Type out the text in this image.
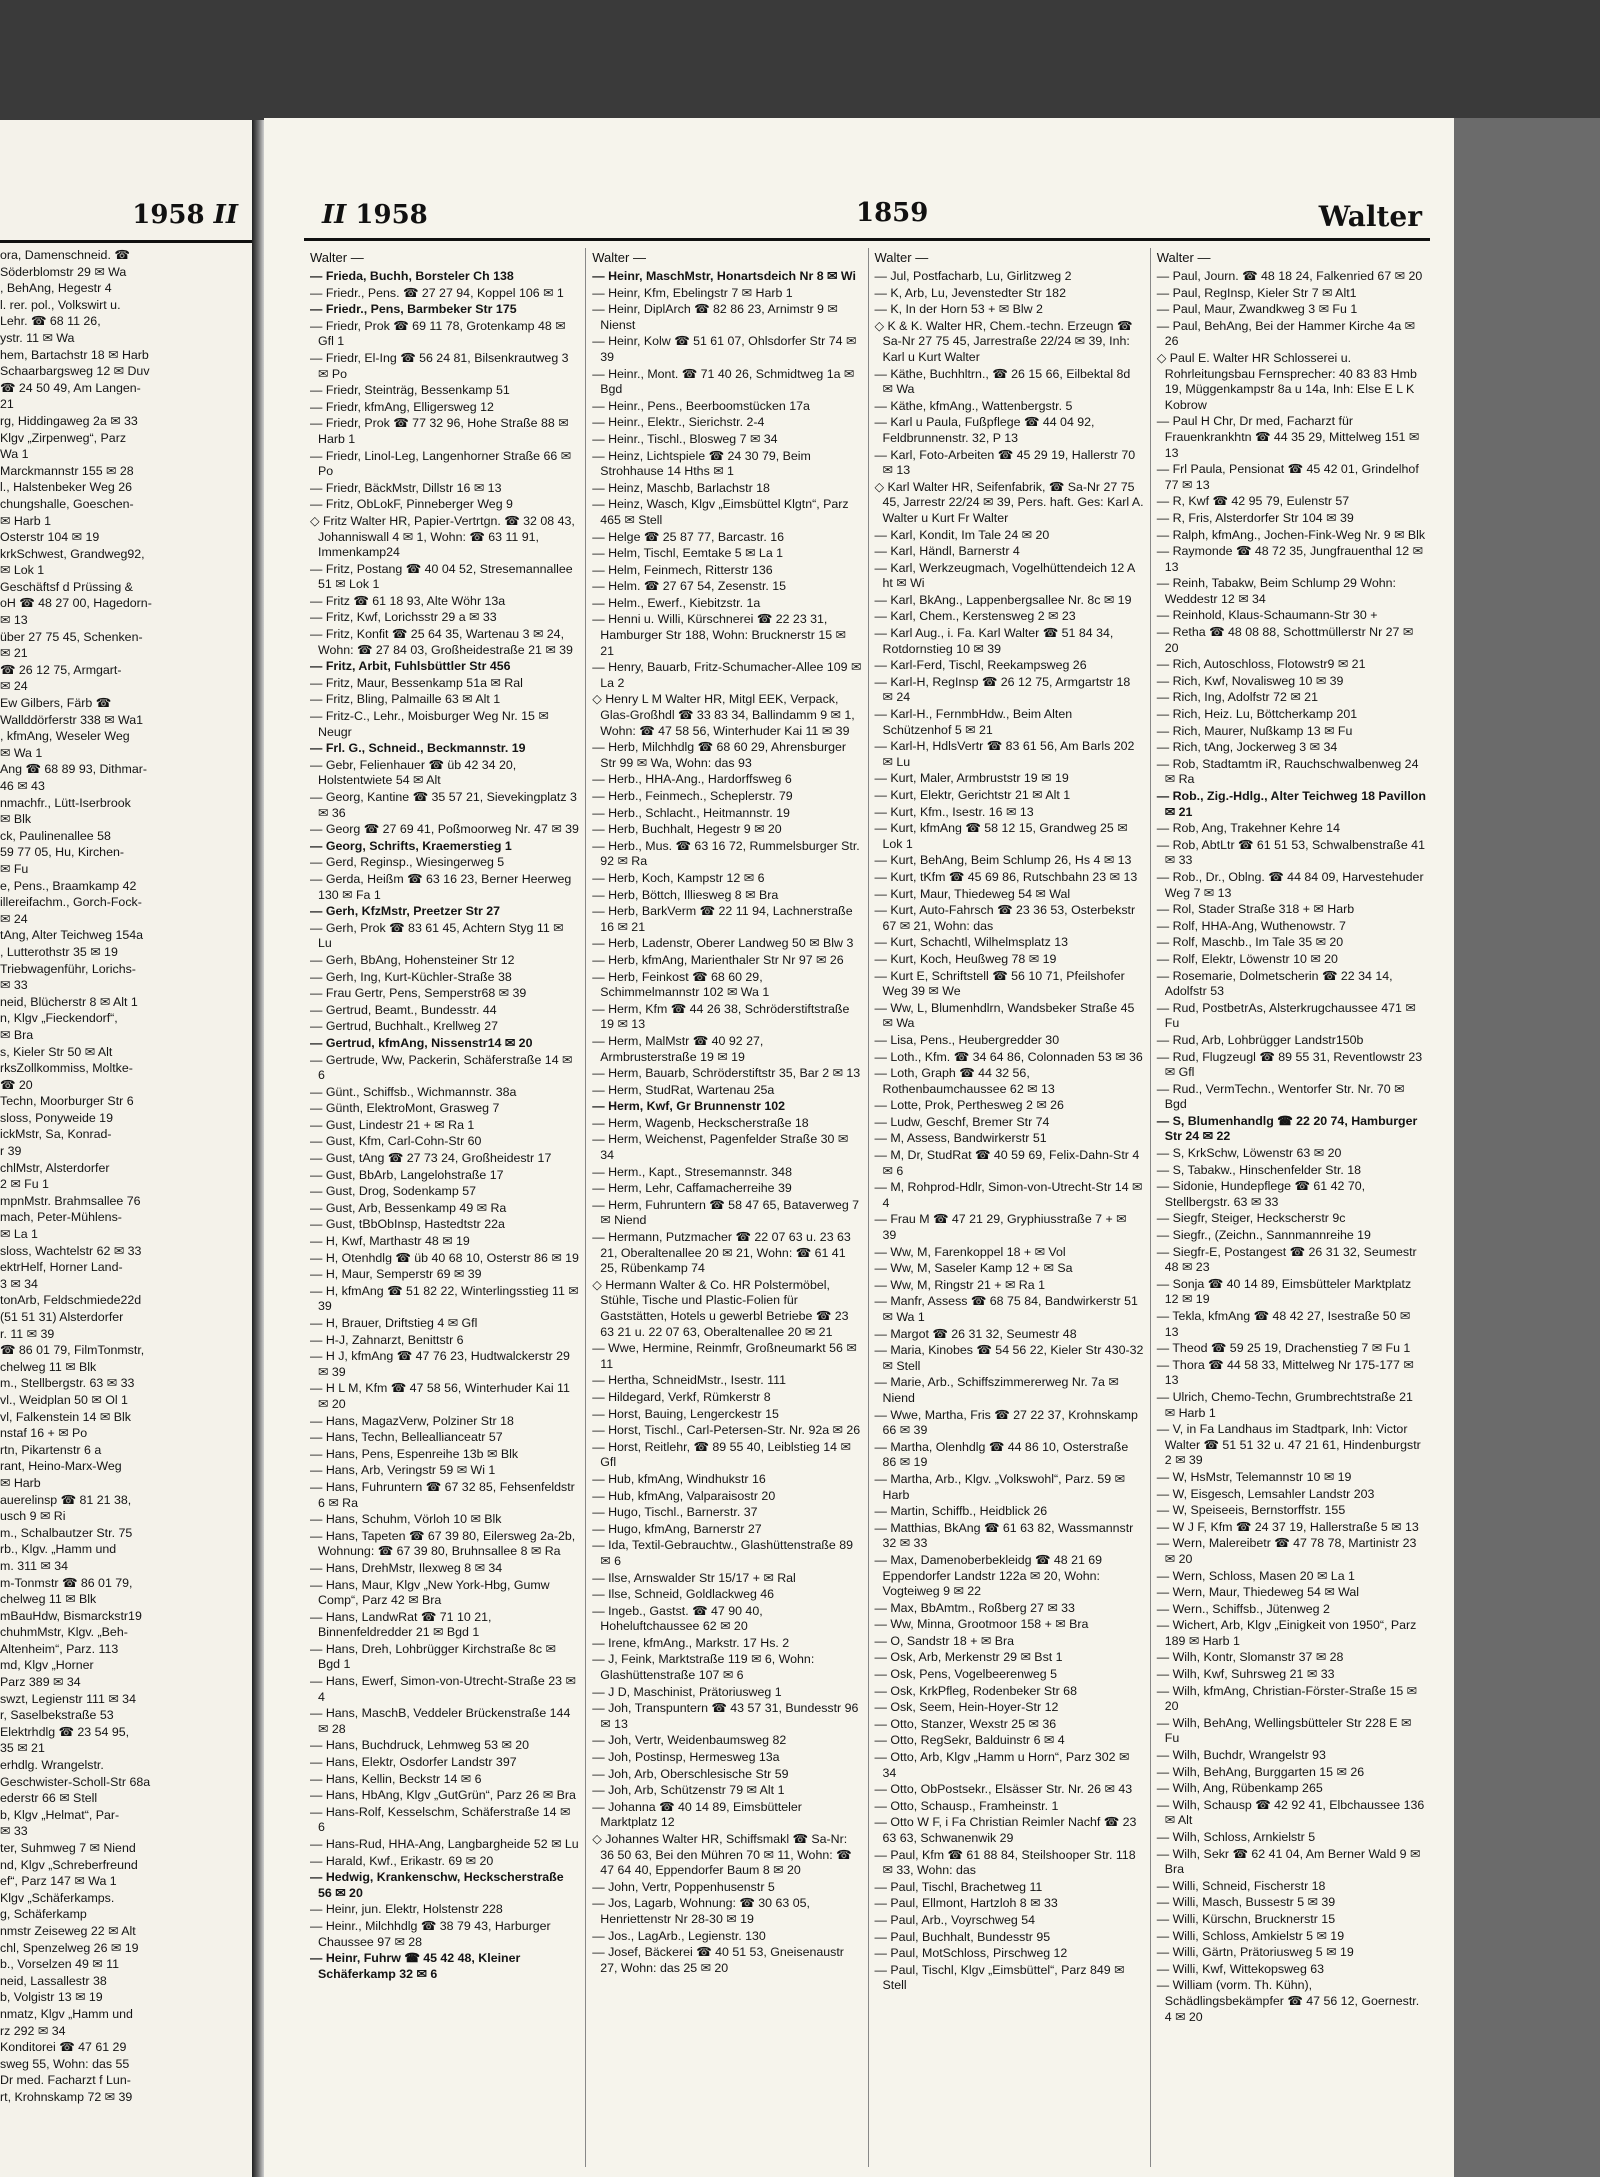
1958 II
ora, Damenschneid. ☎
Söderblomstr 29 ✉ Wa
, BehAng, Hegestr 4
l. rer. pol., Volkswirt u.
Lehr. ☎ 68 11 26,
ystr. 11 ✉ Wa
hem, Bartachstr 18 ✉ Harb
Schaarbargsweg 12 ✉ Duv
☎ 24 50 49, Am Langen-
21
rg, Hiddingaweg 2a ✉ 33
Klgv „Zirpenweg“, Parz
Wa 1
Marckmannstr 155 ✉ 28
l., Halstenbeker Weg 26
chungshalle, Goeschen-
✉ Harb 1
Osterstr 104 ✉ 19
krkSchwest, Grandweg92,
✉ Lok 1
Geschäftsf d Prüssing &
oH ☎ 48 27 00, Hagedorn-
✉ 13
über 27 75 45, Schenken-
✉ 21
☎ 26 12 75, Armgart-
✉ 24
Ew Gilbers, Färb ☎
Wallddörferstr 338 ✉ Wa1
, kfmAng, Weseler Weg
✉ Wa 1
Ang ☎ 68 89 93, Dithmar-
46 ✉ 43
nmachfr., Lütt-Iserbrook
✉ Blk
ck, Paulinenallee 58
59 77 05, Hu, Kirchen-
✉ Fu
e, Pens., Braamkamp 42
illereifachm., Gorch-Fock-
✉ 24
tAng, Alter Teichweg 154a
, Lutterothstr 35 ✉ 19
Triebwagenführ, Lorichs-
✉ 33
neid, Blücherstr 8 ✉ Alt 1
n, Klgv „Fieckendorf“,
✉ Bra
s, Kieler Str 50 ✉ Alt
rksZollkommiss, Moltke-
☎ 20
Techn, Moorburger Str 6
sloss, Ponyweide 19
ickMstr, Sa, Konrad-
r 39
chlMstr, Alsterdorfer
2 ✉ Fu 1
mpnMstr. Brahmsallee 76
mach, Peter-Mühlens-
✉ La 1
sloss, Wachtelstr 62 ✉ 33
ektrHelf, Horner Land-
3 ✉ 34
tonArb, Feldschmiede22d
(51 51 31) Alsterdorfer
r. 11 ✉ 39
☎ 86 01 79, FilmTonmstr,
chelweg 11 ✉ Blk
m., Stellbergstr. 63 ✉ 33
vl., Weidplan 50 ✉ Ol 1
vl, Falkenstein 14 ✉ Blk
nstaf 16 + ✉ Po
rtn, Pikartenstr 6 a
rant, Heino-Marx-Weg
✉ Harb
auerelinsp ☎ 81 21 38,
usch 9 ✉ Ri
m., Schalbautzer Str. 75
rb., Klgv. „Hamm und
m. 311 ✉ 34
m-Tonmstr ☎ 86 01 79,
chelweg 11 ✉ Blk
mBauHdw, Bismarckstr19
chuhmMstr, Klgv. „Beh-
Altenheim“, Parz. 113
md, Klgv „Horner
Parz 389 ✉ 34
swzt, Legienstr 111 ✉ 34
r, Saselbekstraße 53
Elektrhdlg ☎ 23 54 95,
35 ✉ 21
erhdlg. Wrangelstr.
Geschwister-Scholl-Str 68a
ederstr 66 ✉ Stell
b, Klgv „Helmat“, Par-
✉ 33
ter, Suhmweg 7 ✉ Niend
nd, Klgv „Schreberfreund
ef“, Parz 147 ✉ Wa 1
Klgv „Schäferkamps.
g, Schäferkamp
nmstr Zeiseweg 22 ✉ Alt
chl, Spenzelweg 26 ✉ 19
b., Vorselzen 49 ✉ 11
neid, Lassallestr 38
b, Volgistr 13 ✉ 19
nmatz, Klgv „Hamm und
rz 292 ✉ 34
Konditorei ☎ 47 61 29
sweg 55, Wohn: das 55
Dr med. Facharzt f Lun-
rt, Krohnskamp 72 ✉ 39
II 1958	1859	Walter
Walter —
— Frieda, Buchh, Borsteler Ch 138
— Friedr., Pens. ☎ 27 27 94, Koppel 106 ✉ 1
— Friedr., Pens, Barmbeker Str 175
— Friedr, Prok ☎ 69 11 78, Grotenkamp 48 ✉ Gfl 1
— Friedr, El-Ing ☎ 56 24 81, Bilsenkrautweg 3 ✉ Po
— Friedr, Steinträg, Bessenkamp 51
— Friedr, kfmAng, Elligersweg 12
— Friedr, Prok ☎ 77 32 96, Hohe Straße 88 ✉ Harb 1
— Friedr, Linol-Leg, Langenhorner Straße 66 ✉ Po
— Friedr, BäckMstr, Dillstr 16 ✉ 13
— Fritz, ObLokF, Pinneberger Weg 9
◇ Fritz Walter HR, Papier-Vertrtgn. ☎ 32 08 43, Johanniswall 4 ✉ 1, Wohn: ☎ 63 11 91, Immenkamp24
— Fritz, Postang ☎ 40 04 52, Stresemannallee 51 ✉ Lok 1
— Fritz ☎ 61 18 93, Alte Wöhr 13a
— Fritz, Kwf, Lorichsstr 29 a ✉ 33
— Fritz, Konfit ☎ 25 64 35, Wartenau 3 ✉ 24, Wohn: ☎ 27 84 03, Großheidestraße 21 ✉ 39
— Fritz, Arbit, Fuhlsbüttler Str 456
— Fritz, Maur, Bessenkamp 51a ✉ Ral
— Fritz, Bling, Palmaille 63 ✉ Alt 1
— Fritz-C., Lehr., Moisburger Weg Nr. 15 ✉ Neugr
— Frl. G., Schneid., Beckmannstr. 19
— Gebr, Felienhauer ☎ üb 42 34 20, Holstentwiete 54 ✉ Alt
— Georg, Kantine ☎ 35 57 21, Sievekingplatz 3 ✉ 36
— Georg ☎ 27 69 41, Poßmoorweg Nr. 47 ✉ 39
— Georg, Schrifts, Kraemerstieg 1
— Gerd, Reginsp., Wiesingerweg 5
— Gerda, Heißm ☎ 63 16 23, Berner Heerweg 130 ✉ Fa 1
— Gerh, KfzMstr, Preetzer Str 27
— Gerh, Prok ☎ 83 61 45, Achtern Styg 11 ✉ Lu
— Gerh, BbAng, Hohensteiner Str 12
— Gerh, Ing, Kurt-Küchler-Straße 38
— Frau Gertr, Pens, Semperstr68 ✉ 39
— Gertrud, Beamt., Bundesstr. 44
— Gertrud, Buchhalt., Krellweg 27
— Gertrud, kfmAng, Nissenstr14 ✉ 20
— Gertrude, Ww, Packerin, Schäferstraße 14 ✉ 6
— Günt., Schiffsb., Wichmannstr. 38a
— Günth, ElektroMont, Grasweg 7
— Gust, Lindestr 21 + ✉ Ra 1
— Gust, Kfm, Carl-Cohn-Str 60
— Gust, tAng ☎ 27 73 24, Großheidestr 17
— Gust, BbArb, Langelohstraße 17
— Gust, Drog, Sodenkamp 57
— Gust, Arb, Bessenkamp 49 ✉ Ra
— Gust, tBbObInsp, Hastedtstr 22a
— H, Kwf, Marthastr 48 ✉ 19
— H, Otenhdlg ☎ üb 40 68 10, Osterstr 86 ✉ 19
— H, Maur, Semperstr 69 ✉ 39
— H, kfmAng ☎ 51 82 22, Winterlingsstieg 11 ✉ 39
— H, Brauer, Driftstieg 4 ✉ Gfl
— H-J, Zahnarzt, Benittstr 6
— H J, kfmAng ☎ 47 76 23, Hudtwalckerstr 29 ✉ 39
— H L M, Kfm ☎ 47 58 56, Winterhuder Kai 11 ✉ 20
— Hans, MagazVerw, Polziner Str 18
— Hans, Techn, Belleallianceatr 57
— Hans, Pens, Espenreihe 13b ✉ Blk
— Hans, Arb, Veringstr 59 ✉ Wi 1
— Hans, Fuhruntern ☎ 67 32 85, Fehsenfeldstr 6 ✉ Ra
— Hans, Schuhm, Vörloh 10 ✉ Blk
— Hans, Tapeten ☎ 67 39 80, Eilersweg 2a-2b, Wohnung: ☎ 67 39 80, Bruhnsallee 8 ✉ Ra
— Hans, DrehMstr, Ilexweg 8 ✉ 34
— Hans, Maur, Klgv „New York-Hbg, Gumw Comp“, Parz 42 ✉ Bra
— Hans, LandwRat ☎ 71 10 21, Binnenfeldredder 21 ✉ Bgd 1
— Hans, Dreh, Lohbrügger Kirchstraße 8c ✉ Bgd 1
— Hans, Ewerf, Simon-von-Utrecht-Straße 23 ✉ 4
— Hans, MaschB, Veddeler Brückenstraße 144 ✉ 28
— Hans, Buchdruck, Lehmweg 53 ✉ 20
— Hans, Elektr, Osdorfer Landstr 397
— Hans, Kellin, Beckstr 14 ✉ 6
— Hans, HbAng, Klgv „GutGrün“, Parz 26 ✉ Bra
— Hans-Rolf, Kesselschm, Schäferstraße 14 ✉ 6
— Hans-Rud, HHA-Ang, Langbargheide 52 ✉ Lu
— Harald, Kwf., Erikastr. 69 ✉ 20
— Hedwig, Krankenschw, Heckscherstraße 56 ✉ 20
— Heinr, jun. Elektr, Holstenstr 228
— Heinr., Milchhdlg ☎ 38 79 43, Harburger Chaussee 97 ✉ 28
— Heinr, Fuhrw ☎ 45 42 48, Kleiner Schäferkamp 32 ✉ 6
Walter —
— Heinr, MaschMstr, Honartsdeich Nr 8 ✉ Wi
— Heinr, Kfm, Ebelingstr 7 ✉ Harb 1
— Heinr, DiplArch ☎ 82 86 23, Arnimstr 9 ✉ Nienst
— Heinr, Kolw ☎ 51 61 07, Ohlsdorfer Str 74 ✉ 39
— Heinr., Mont. ☎ 71 40 26, Schmidtweg 1a ✉ Bgd
— Heinr., Pens., Beerboomstücken 17a
— Heinr., Elektr., Sierichstr. 2-4
— Heinr., Tischl., Blosweg 7 ✉ 34
— Heinz, Lichtspiele ☎ 24 30 79, Beim Strohhause 14 Hths ✉ 1
— Heinz, Maschb, Barlachstr 18
— Heinz, Wasch, Klgv „Eimsbüttel Klgtn“, Parz 465 ✉ Stell
— Helge ☎ 25 87 77, Barcastr. 16
— Helm, Tischl, Eemtake 5 ✉ La 1
— Helm, Feinmech, Ritterstr 136
— Helm. ☎ 27 67 54, Zesenstr. 15
— Helm., Ewerf., Kiebitzstr. 1a
— Henni u. Willi, Kürschnerei ☎ 22 23 31, Hamburger Str 188, Wohn: Brucknerstr 15 ✉ 21
— Henry, Bauarb, Fritz-Schumacher-Allee 109 ✉ La 2
◇ Henry L M Walter HR, Mitgl EEK, Verpack, Glas-Großhdl ☎ 33 83 34, Ballindamm 9 ✉ 1, Wohn: ☎ 47 58 56, Winterhuder Kai 11 ✉ 39
— Herb, Milchhdlg ☎ 68 60 29, Ahrensburger Str 99 ✉ Wa, Wohn: das 93
— Herb., HHA-Ang., Hardorffsweg 6
— Herb., Feinmech., Scheplerstr. 79
— Herb., Schlacht., Heitmannstr. 19
— Herb, Buchhalt, Hegestr 9 ✉ 20
— Herb., Mus. ☎ 63 16 72, Rummelsburger Str. 92 ✉ Ra
— Herb, Koch, Kampstr 12 ✉ 6
— Herb, Böttch, Illiesweg 8 ✉ Bra
— Herb, BarkVerm ☎ 22 11 94, Lachnerstraße 16 ✉ 21
— Herb, Ladenstr, Oberer Landweg 50 ✉ Blw 3
— Herb, kfmAng, Marienthaler Str Nr 97 ✉ 26
— Herb, Feinkost ☎ 68 60 29, Schimmelmannstr 102 ✉ Wa 1
— Herm, Kfm ☎ 44 26 38, Schröderstiftstraße 19 ✉ 13
— Herm, MalMstr ☎ 40 92 27, Armbrusterstraße 19 ✉ 19
— Herm, Bauarb, Schröderstiftstr 35, Bar 2 ✉ 13
— Herm, StudRat, Wartenau 25a
— Herm, Kwf, Gr Brunnenstr 102
— Herm, Wagenb, Heckscherstraße 18
— Herm, Weichenst, Pagenfelder Straße 30 ✉ 34
— Herm., Kapt., Stresemannstr. 348
— Herm, Lehr, Caffamacherreihe 39
— Herm, Fuhruntern ☎ 58 47 65, Bataverweg 7 ✉ Niend
— Hermann, Putzmacher ☎ 22 07 63 u. 23 63 21, Oberaltenallee 20 ✉ 21, Wohn: ☎ 61 41 25, Rübenkamp 74
◇ Hermann Walter & Co. HR Polstermöbel, Stühle, Tische und Plastic-Folien für Gaststätten, Hotels u gewerbl Betriebe ☎ 23 63 21 u. 22 07 63, Oberaltenallee 20 ✉ 21
— Wwe, Hermine, Reinmfr, Großneumarkt 56 ✉ 11
— Hertha, SchneidMstr., Isestr. 111
— Hildegard, Verkf, Rümkerstr 8
— Horst, Bauing, Lengerckestr 15
— Horst, Tischl., Carl-Petersen-Str. Nr. 92a ✉ 26
— Horst, Reitlehr, ☎ 89 55 40, Leiblstieg 14 ✉ Gfl
— Hub, kfmAng, Windhukstr 16
— Hub, kfmAng, Valparaisostr 20
— Hugo, Tischl., Barnerstr. 37
— Hugo, kfmAng, Barnerstr 27
— Ida, Textil-Gebrauchtw., Glashüttenstraße 89 ✉ 6
— Ilse, Arnswalder Str 15/17 + ✉ Ral
— Ilse, Schneid, Goldlackweg 46
— Ingeb., Gastst. ☎ 47 90 40, Hoheluftchaussee 62 ✉ 20
— Irene, kfmAng., Markstr. 17 Hs. 2
— J, Feink, Marktstraße 119 ✉ 6, Wohn: Glashüttenstraße 107 ✉ 6
— J D, Maschinist, Prätoriusweg 1
— Joh, Transpuntern ☎ 43 57 31, Bundesstr 96 ✉ 13
— Joh, Vertr, Weidenbaumsweg 82
— Joh, Postinsp, Hermesweg 13a
— Joh, Arb, Oberschlesische Str 59
— Joh, Arb, Schützenstr 79 ✉ Alt 1
— Johanna ☎ 40 14 89, Eimsbütteler Marktplatz 12
◇ Johannes Walter HR, Schiffsmakl ☎ Sa-Nr: 36 50 63, Bei den Mühren 70 ✉ 11, Wohn: ☎ 47 64 40, Eppendorfer Baum 8 ✉ 20
— John, Vertr, Poppenhusenstr 5
— Jos, Lagarb, Wohnung: ☎ 30 63 05, Henriettenstr Nr 28-30 ✉ 19
— Jos., LagArb., Legienstr. 130
— Josef, Bäckerei ☎ 40 51 53, Gneisenaustr 27, Wohn: das 25 ✉ 20
Walter —
— Jul, Postfacharb, Lu, Girlitzweg 2
— K, Arb, Lu, Jevenstedter Str 182
— K, In der Horn 53 + ✉ Blw 2
◇ K & K. Walter HR, Chem.-techn. Erzeugn ☎ Sa-Nr 27 75 45, Jarrestraße 22/24 ✉ 39, Inh: Karl u Kurt Walter
— Käthe, Buchhltrn., ☎ 26 15 66, Eilbektal 8d ✉ Wa
— Käthe, kfmAng., Wattenbergstr. 5
— Karl u Paula, Fußpflege ☎ 44 04 92, Feldbrunnenstr. 32, P 13
— Karl, Foto-Arbeiten ☎ 45 29 19, Hallerstr 70 ✉ 13
◇ Karl Walter HR, Seifenfabrik, ☎ Sa-Nr 27 75 45, Jarrestr 22/24 ✉ 39, Pers. haft. Ges: Karl A. Walter u Kurt Fr Walter
— Karl, Kondit, Im Tale 24 ✉ 20
— Karl, Händl, Barnerstr 4
— Karl, Werkzeugmach, Vogelhüttendeich 12 A ht ✉ Wi
— Karl, BkAng., Lappenbergsallee Nr. 8c ✉ 19
— Karl, Chem., Kerstensweg 2 ✉ 23
— Karl Aug., i. Fa. Karl Walter ☎ 51 84 34, Rotdornstieg 10 ✉ 39
— Karl-Ferd, Tischl, Reekampsweg 26
— Karl-H, RegInsp ☎ 26 12 75, Armgartstr 18 ✉ 24
— Karl-H., FernmbHdw., Beim Alten Schützenhof 5 ✉ 21
— Karl-H, HdlsVertr ☎ 83 61 56, Am Barls 202 ✉ Lu
— Kurt, Maler, Armbruststr 19 ✉ 19
— Kurt, Elektr, Gerichtstr 21 ✉ Alt 1
— Kurt, Kfm., Isestr. 16 ✉ 13
— Kurt, kfmAng ☎ 58 12 15, Grandweg 25 ✉ Lok 1
— Kurt, BehAng, Beim Schlump 26, Hs 4 ✉ 13
— Kurt, tKfm ☎ 45 69 86, Rutschbahn 23 ✉ 13
— Kurt, Maur, Thiedeweg 54 ✉ Wal
— Kurt, Auto-Fahrsch ☎ 23 36 53, Osterbekstr 67 ✉ 21, Wohn: das
— Kurt, Schachtl, Wilhelmsplatz 13
— Kurt, Koch, Heußweg 78 ✉ 19
— Kurt E, Schriftstell ☎ 56 10 71, Pfeilshofer Weg 39 ✉ We
— Ww, L, Blumenhdlrn, Wandsbeker Straße 45 ✉ Wa
— Lisa, Pens., Heubergredder 30
— Loth., Kfm. ☎ 34 64 86, Colonnaden 53 ✉ 36
— Loth, Graph ☎ 44 32 56, Rothenbaumchaussee 62 ✉ 13
— Lotte, Prok, Perthesweg 2 ✉ 26
— Ludw, Geschf, Bremer Str 74
— M, Assess, Bandwirkerstr 51
— M, Dr, StudRat ☎ 40 59 69, Felix-Dahn-Str 4 ✉ 6
— M, Rohprod-Hdlr, Simon-von-Utrecht-Str 14 ✉ 4
— Frau M ☎ 47 21 29, Gryphiusstraße 7 + ✉ 39
— Ww, M, Farenkoppel 18 + ✉ Vol
— Ww, M, Saseler Kamp 12 + ✉ Sa
— Ww, M, Ringstr 21 + ✉ Ra 1
— Manfr, Assess ☎ 68 75 84, Bandwirkerstr 51 ✉ Wa 1
— Margot ☎ 26 31 32, Seumestr 48
— Maria, Kinobes ☎ 54 56 22, Kieler Str 430-32 ✉ Stell
— Marie, Arb., Schiffszimmererweg Nr. 7a ✉ Niend
— Wwe, Martha, Fris ☎ 27 22 37, Krohnskamp 66 ✉ 39
— Martha, Olenhdlg ☎ 44 86 10, Osterstraße 86 ✉ 19
— Martha, Arb., Klgv. „Volkswohl“, Parz. 59 ✉ Harb
— Martin, Schiffb., Heidblick 26
— Matthias, BkAng ☎ 61 63 82, Wassmannstr 32 ✉ 33
— Max, Damenoberbekleidg ☎ 48 21 69 Eppendorfer Landstr 122a ✉ 20, Wohn: Vogteiweg 9 ✉ 22
— Max, BbAmtm., Roßberg 27 ✉ 33
— Ww, Minna, Grootmoor 158 + ✉ Bra
— O, Sandstr 18 + ✉ Bra
— Osk, Arb, Merkenstr 29 ✉ Bst 1
— Osk, Pens, Vogelbeerenweg 5
— Osk, KrkPfleg, Rodenbeker Str 68
— Osk, Seem, Hein-Hoyer-Str 12
— Otto, Stanzer, Wexstr 25 ✉ 36
— Otto, RegSekr, Balduinstr 6 ✉ 4
— Otto, Arb, Klgv „Hamm u Horn“, Parz 302 ✉ 34
— Otto, ObPostsekr., Elsässer Str. Nr. 26 ✉ 43
— Otto, Schausp., Framheinstr. 1
— Otto W F, i Fa Christian Reimler Nachf ☎ 23 63 63, Schwanenwik 29
— Paul, Kfm ☎ 61 88 84, Steilshooper Str. 118 ✉ 33, Wohn: das
— Paul, Tischl, Brachetweg 11
— Paul, Ellmont, Hartzloh 8 ✉ 33
— Paul, Arb., Voyrschweg 54
— Paul, Buchhalt, Bundesstr 95
— Paul, MotSchloss, Pirschweg 12
— Paul, Tischl, Klgv „Eimsbüttel“, Parz 849 ✉ Stell
Walter —
— Paul, Journ. ☎ 48 18 24, Falkenried 67 ✉ 20
— Paul, RegInsp, Kieler Str 7 ✉ Alt1
— Paul, Maur, Zwandkweg 3 ✉ Fu 1
— Paul, BehAng, Bei der Hammer Kirche 4a ✉ 26
◇ Paul E. Walter HR Schlosserei u. Rohrleitungsbau Fernsprecher: 40 83 83 Hmb 19, Müggenkampstr 8a u 14a, Inh: Else E L K Kobrow
— Paul H Chr, Dr med, Facharzt für Frauenkrankhtn ☎ 44 35 29, Mittelweg 151 ✉ 13
— Frl Paula, Pensionat ☎ 45 42 01, Grindelhof 77 ✉ 13
— R, Kwf ☎ 42 95 79, Eulenstr 57
— R, Fris, Alsterdorfer Str 104 ✉ 39
— Ralph, kfmAng., Jochen-Fink-Weg Nr. 9 ✉ Blk
— Raymonde ☎ 48 72 35, Jungfrauenthal 12 ✉ 13
— Reinh, Tabakw, Beim Schlump 29 Wohn: Weddestr 12 ✉ 34
— Reinhold, Klaus-Schaumann-Str 30 +
— Retha ☎ 48 08 88, Schottmüllerstr Nr 27 ✉ 20
— Rich, Autoschloss, Flotowstr9 ✉ 21
— Rich, Kwf, Novalisweg 10 ✉ 39
— Rich, Ing, Adolfstr 72 ✉ 21
— Rich, Heiz. Lu, Böttcherkamp 201
— Rich, Maurer, Nußkamp 13 ✉ Fu
— Rich, tAng, Jockerweg 3 ✉ 34
— Rob, Stadtamtm iR, Rauchschwalbenweg 24 ✉ Ra
— Rob., Zig.-Hdlg., Alter Teichweg 18 Pavillon ✉ 21
— Rob, Ang, Trakehner Kehre 14
— Rob, AbtLtr ☎ 61 51 53, Schwalbenstraße 41 ✉ 33
— Rob., Dr., Oblng. ☎ 44 84 09, Harvestehuder Weg 7 ✉ 13
— Rol, Stader Straße 318 + ✉ Harb
— Rolf, HHA-Ang, Wuthenowstr. 7
— Rolf, Maschb., Im Tale 35 ✉ 20
— Rolf, Elektr, Löwenstr 10 ✉ 20
— Rosemarie, Dolmetscherin ☎ 22 34 14, Adolfstr 53
— Rud, PostbetrAs, Alsterkrugchaussee 471 ✉ Fu
— Rud, Arb, Lohbrügger Landstr150b
— Rud, Flugzeugl ☎ 89 55 31, Reventlowstr 23 ✉ Gfl
— Rud., VermTechn., Wentorfer Str. Nr. 70 ✉ Bgd
— S, Blumenhandlg ☎ 22 20 74, Hamburger Str 24 ✉ 22
— S, KrkSchw, Löwenstr 63 ✉ 20
— S, Tabakw., Hinschenfelder Str. 18
— Sidonie, Hundepflege ☎ 61 42 70, Stellbergstr. 63 ✉ 33
— Siegfr, Steiger, Heckscherstr 9c
— Siegfr., (Zeichn., Sannmannreihe 19
— Siegfr-E, Postangest ☎ 26 31 32, Seumestr 48 ✉ 23
— Sonja ☎ 40 14 89, Eimsbütteler Marktplatz 12 ✉ 19
— Tekla, kfmAng ☎ 48 42 27, Isestraße 50 ✉ 13
— Theod ☎ 59 25 19, Drachenstieg 7 ✉ Fu 1
— Thora ☎ 44 58 33, Mittelweg Nr 175-177 ✉ 13
— Ulrich, Chemo-Techn, Grumbrechtstraße 21 ✉ Harb 1
— V, in Fa Landhaus im Stadtpark, Inh: Victor Walter ☎ 51 51 32 u. 47 21 61, Hindenburgstr 2 ✉ 39
— W, HsMstr, Telemannstr 10 ✉ 19
— W, Eisgesch, Lemsahler Landstr 203
— W, Speiseeis, Bernstorffstr. 155
— W J F, Kfm ☎ 24 37 19, Hallerstraße 5 ✉ 13
— Wern, Malereibetr ☎ 47 78 78, Martinistr 23 ✉ 20
— Wern, Schloss, Masen 20 ✉ La 1
— Wern, Maur, Thiedeweg 54 ✉ Wal
— Wern., Schiffsb., Jütenweg 2
— Wichert, Arb, Klgv „Einigkeit von 1950“, Parz 189 ✉ Harb 1
— Wilh, Kontr, Slomanstr 37 ✉ 28
— Wilh, Kwf, Suhrsweg 21 ✉ 33
— Wilh, kfmAng, Christian-Förster-Straße 15 ✉ 20
— Wilh, BehAng, Wellingsbütteler Str 228 E ✉ Fu
— Wilh, Buchdr, Wrangelstr 93
— Wilh, BehAng, Burggarten 15 ✉ 26
— Wilh, Ang, Rübenkamp 265
— Wilh, Schausp ☎ 42 92 41, Elbchaussee 136 ✉ Alt
— Wilh, Schloss, Arnkielstr 5
— Wilh, Sekr ☎ 62 41 04, Am Berner Wald 9 ✉ Bra
— Willi, Schneid, Fischerstr 18
— Willi, Masch, Bussestr 5 ✉ 39
— Willi, Kürschn, Brucknerstr 15
— Willi, Schloss, Amkielstr 5 ✉ 19
— Willi, Gärtn, Prätoriusweg 5 ✉ 19
— Willi, Kwf, Wittekopsweg 63
— William (vorm. Th. Kühn), Schädlingsbekämpfer ☎ 47 56 12, Goernestr. 4 ✉ 20
